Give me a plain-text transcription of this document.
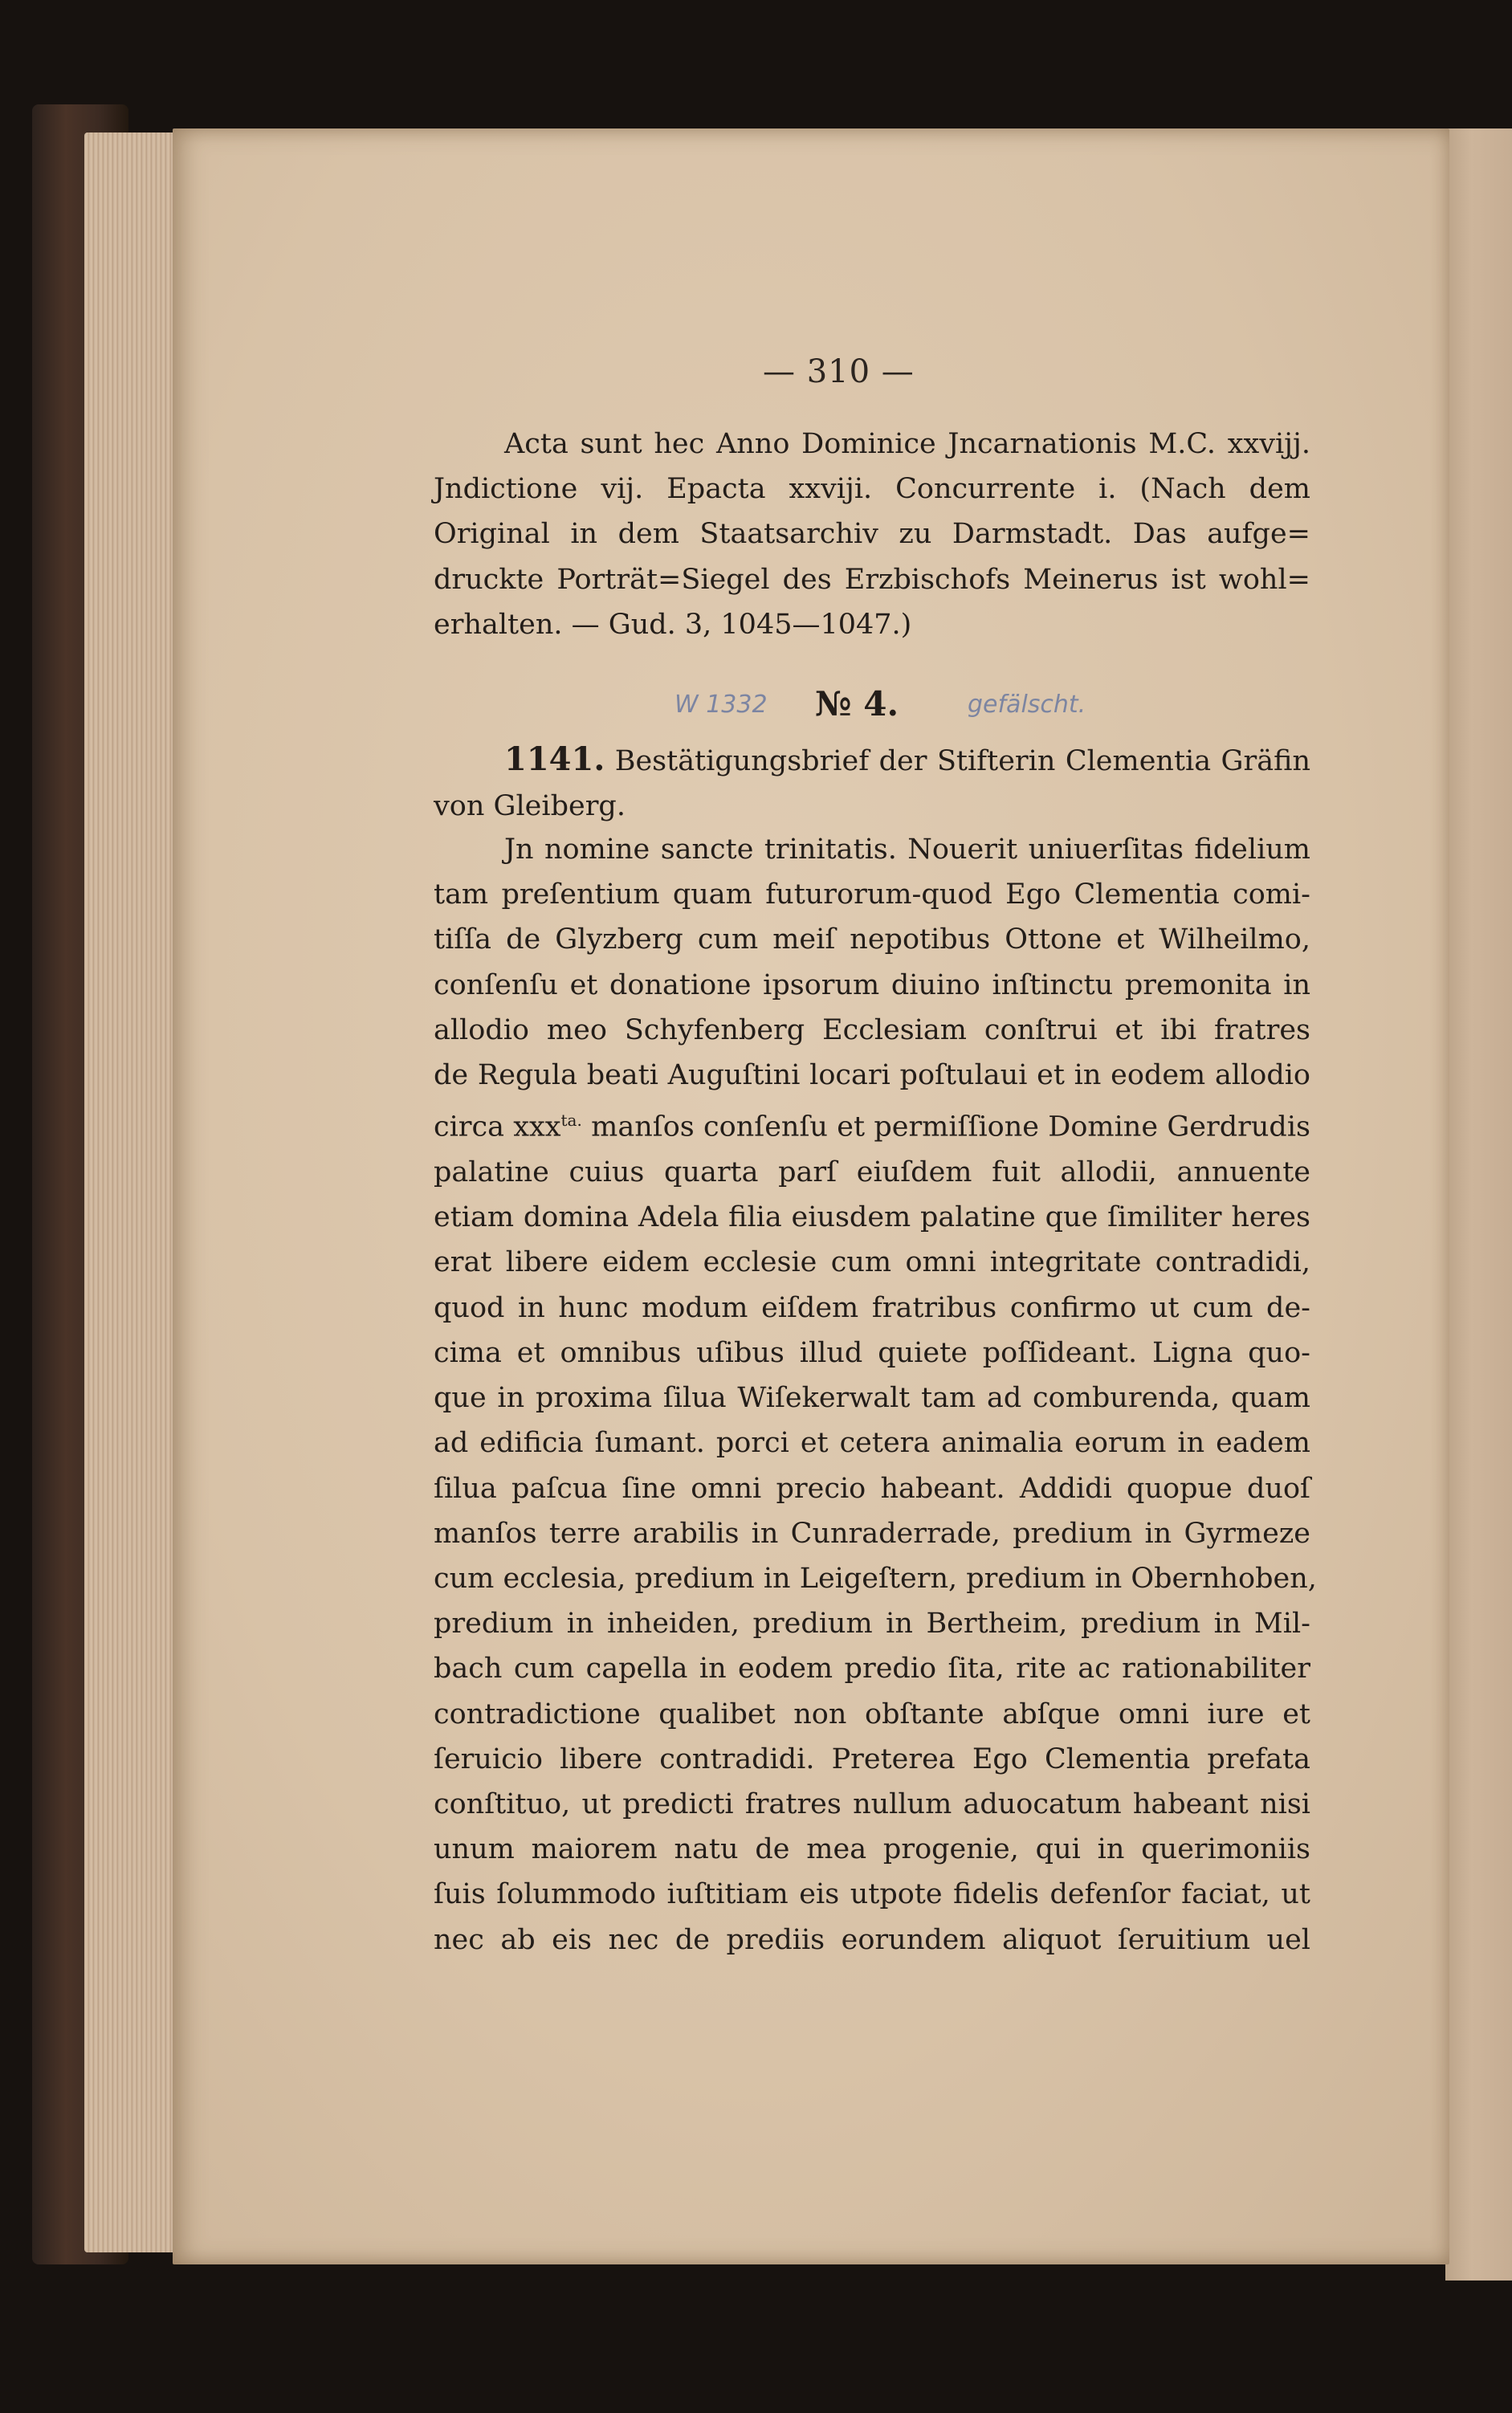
— 310 —
Acta sunt hec Anno Dominice Jncarnationis M.C. xxvijj.
Jndictione vij. Epacta xxviji. Concurrente i. (Nach dem
Original in dem Staatsarchiv zu Darmstadt. Das aufge=
druckte Porträt=Siegel des Erzbischofs Meinerus ist wohl=
erhalten. — Gud. 3, 1045—1047.)
W 1332 № 4.	gefälscht.
1141. Bestätigungsbrief der Stifterin Clementia Gräfin
von Gleiberg.
Jn nomine sancte trinitatis. Nouerit uniuerſitas fidelium
tam preſentium quam futurorum-quod Ego Clementia comi-
tiſſa de Glyzberg cum meiſ nepotibus Ottone et Wilheilmo,
conſenſu et donatione ipsorum diuino inſtinctu premonita in
allodio meo Schyfenberg Ecclesiam conſtrui et ibi fratres
de Regula beati Auguſtini locari poſtulaui et in eodem allodio
circa xxx$^{ta.}$ manſos conſenſu et permiſſione Domine Gerdrudis
palatine cuius quarta parſ eiuſdem fuit allodii, annuente
etiam domina Adela filia eiusdem palatine que ſimiliter heres
erat libere eidem ecclesie cum omni integritate contradidi,
quod in hunc modum eiſdem fratribus confirmo ut cum de-
cima et omnibus uſibus illud quiete poſſideant. Ligna quo-
que in proxima ſilua Wiſekerwalt tam ad comburenda, quam
ad edificia ſumant. porci et cetera animalia eorum in eadem
ſilua paſcua ſine omni precio habeant. Addidi quopue duoſ
manſos terre arabilis in Cunraderrade, predium in Gyrmeze
cum ecclesia, predium in Leigeſtern, predium in Obernhoben,
predium in inheiden, predium in Bertheim, predium in Mil-
bach cum capella in eodem predio ſita, rite ac rationabiliter
contradictione qualibet non obſtante abſque omni iure et
ſeruicio libere contradidi. Preterea Ego Clementia prefata
conſtituo, ut predicti fratres nullum aduocatum habeant nisi
unum maiorem natu de mea progenie, qui in querimoniis
ſuis ſolummodo iuſtitiam eis utpote fidelis defenſor faciat, ut
nec ab eis nec de prediis eorundem aliquot ſeruitium uel
